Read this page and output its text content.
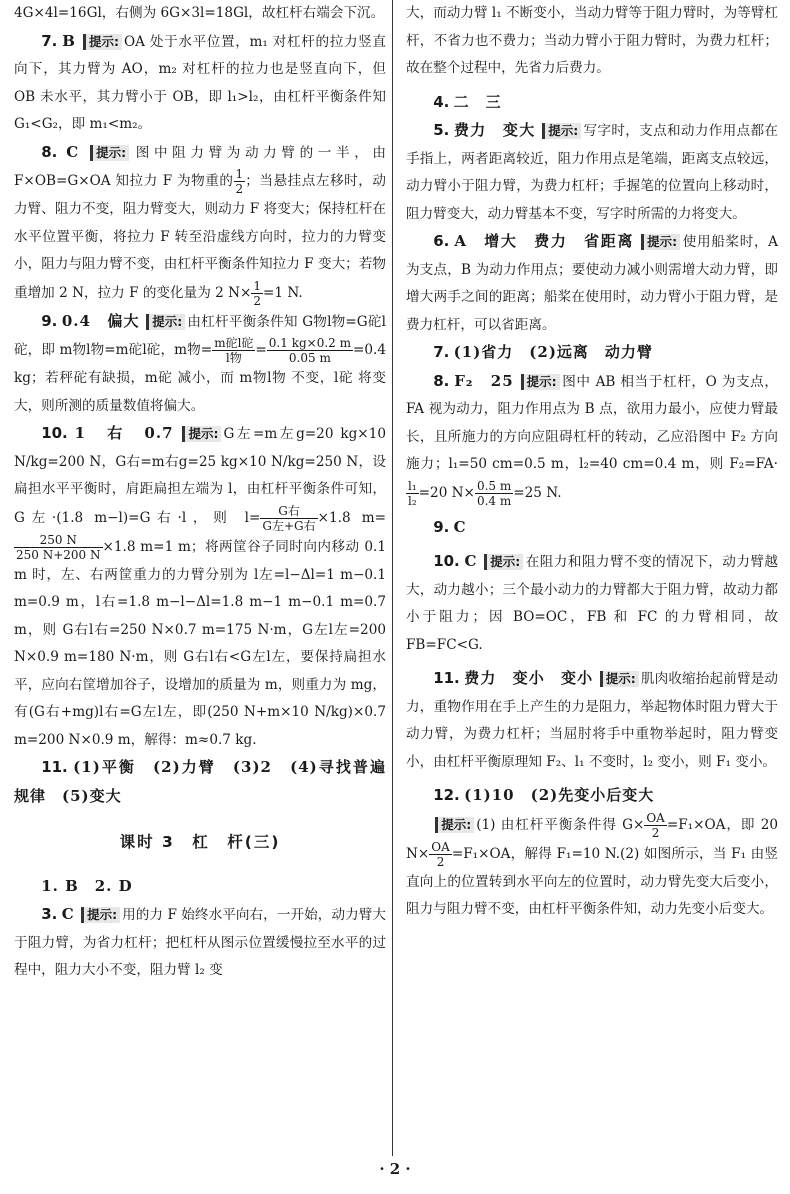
4G×4l=16Gl，右侧为 6G×3l=18Gl，故杠杆右端会下沉。

7. B 提示: OA 处于水平位置，m₁ 对杠杆的拉力竖直向下，其力臂为 AO，m₂ 对杠杆的拉力也是竖直向下，但 OB 未水平，其力臂小于 OB，即 l₁>l₂，由杠杆平衡条件知 G₁<G₂，即 m₁<m₂。

8. C 提示: 图中阻力臂为动力臂的一半，由 F×OB=G×OA 知拉力 F 为物重的 $\frac{1}{2}$ ；当悬挂点左移时，动力臂、阻力不变，阻力臂变大，则动力 F 将变大；保持杠杆在水平位置平衡，将拉力 F 转至沿虚线方向时，拉力的力臂变小，阻力与阻力臂不变，由杠杆平衡条件知拉力 F 变大；若物重增加 2 N，拉力 F 的变化量为 2 $N\times \frac{1}{2} =1$ N.

9. 0.4　偏大 提示: 由杠杆平衡条件知 G物l物=G砣l砣，即 m物l物=m砣l砣，m物= $\frac{\text{m砣l砣}}{\text{l物}} = \frac{0.1 kg\times 0.2 m}{0.05 m} =0.4$ kg；若秤砣有缺损，m砣 减小，而 m物l物 不变，l砣 将变大，则所测的质量数值将偏大。

10. 1　右　0.7 提示: G左=m左g=20 kg×10 N/kg=200 N，G右=m右g=25 kg×10 N/kg=250 N，设扁担水平平衡时，肩距扁担左端为 l，由杠杆平衡条件可知，G左·(1.8 m−l)=G右·l，则 $l= \frac{\text{G右}}{\text{G左+G右}} \times 1.8$ m=
$\frac{250 N}{250 N+200 N} \times 1.8$ m=1 m；将两筐谷子同时向内移动 0.1 m 时，左、右两筐重力的力臂分别为 l左=l−Δl=1 m−0.1 m=0.9 m，l右=1.8 m−l−Δl=1.8 m−1 m−0.1 m=0.7 m，则 G右l右=250 N×0.7 m=175 N·m，G左l左=200 N×0.9 m=180 N·m，则 G右l右<G左l左，要保持扁担水平，应向右筐增加谷子，设增加的质量为 m，则重力为 mg，有(G右+mg)l右=G左l左，即(250 N+m×10 N/kg)×0.7 m=200 N×0.9 m，解得：m≈0.7 kg.

11. (1)平衡　(2)力臂　(3)2　(4)寻找普遍规律　(5)变大

课时 3　杠　杆(三)

1. B　2. D

3. C 提示: 用的力 F 始终水平向右，一开始，动力臂大于阻力臂，为省力杠杆；把杠杆从图示位置缓慢拉至水平的过程中，阻力大小不变，阻力臂 l₂ 变

大，而动力臂 l₁ 不断变小，当动力臂等于阻力臂时，为等臂杠杆，不省力也不费力；当动力臂小于阻力臂时，为费力杠杆；故在整个过程中，先省力后费力。

4. 二　三

5. 费力　变大 提示: 写字时，支点和动力作用点都在手指上，两者距离较近，阻力作用点是笔端，距离支点较远，动力臂小于阻力臂，为费力杠杆；手握笔的位置向上移动时，阻力臂变大，动力臂基本不变，写字时所需的力将变大。

6. A　增大　费力　省距离 提示: 使用船桨时，A 为支点，B 为动力作用点；要使动力减小则需增大动力臂，即增大两手之间的距离；船桨在使用时，动力臂小于阻力臂，是费力杠杆，可以省距离。

7. (1)省力　(2)远离　动力臂

8. F₂　25 提示: 图中 AB 相当于杠杆，O 为支点，FA 视为动力，阻力作用点为 B 点，欲用力最小，应使力臂最长，且所施力的方向应阻碍杠杆的转动，乙应沿图中 F₂ 方向施力；l₁=50 cm=0.5 m，l₂=40 cm=0.4 m，则 F₂=FA·
$\frac{\text{l₁}}{\text{l₂}} =20$ $N\times \frac{0.5 m}{0.4 m} =25$ N.

9. C

10. C 提示: 在阻力和阻力臂不变的情况下，动力臂越大，动力越小；三个最小动力的力臂都大于阻力臂，故动力都小于阻力；因 BO=OC，FB 和 FC 的力臂相同，故 FB=FC<G.

11. 费力　变小　变小 提示: 肌肉收缩抬起前臂是动力，重物作用在手上产生的力是阻力，举起物体时阻力臂大于动力臂，为费力杠杆；当屈肘将手中重物举起时，阻力臂变小，由杠杆平衡原理知 F₂、l₁ 不变时，l₂ 变小，则 F₁ 变小。

12. (1)10　(2)先变小后变大

提示: (1) 由杠杆平衡条件得 $G\times \frac{OA}{2} =F_1\times OA$，即 20 $N\times \frac{OA}{2} =F_1\times OA$，解得 F₁=10 N.(2) 如图所示，当 F₁ 由竖直向上的位置转到水平向左的位置时，动力臂先变大后变小，阻力与阻力臂不变，由杠杆平衡条件知，动力先变小后变大。

· 2 ·
